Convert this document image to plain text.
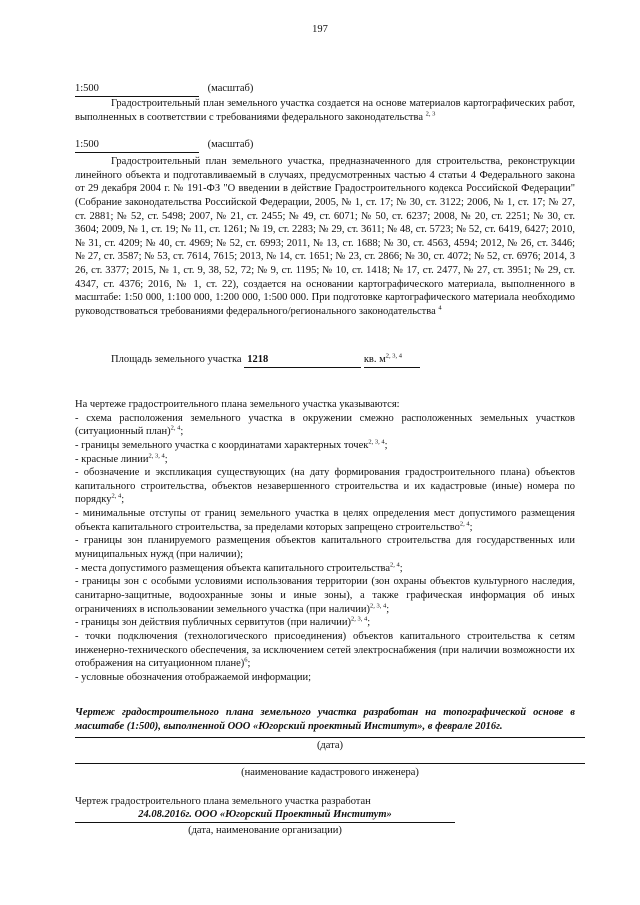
197
1:500	(масштаб)
Градостроительный план земельного участка создается на основе материалов картографических работ, выполненных в соответствии с требованиями федерального законодательства $^{2, 3}$
1:500	(масштаб)
Градостроительный план земельного участка, предназначенного для строительства, реконструкции линейного объекта и подготавливаемый в случаях, предусмотренных частью 4 статьи 4 Федерального закона от 29 декабря 2004 г. № 191-ФЗ "О введении в действие Градостроительного кодекса Российской Федерации" (Собрание законодательства Российской Федерации, 2005, № 1, ст. 17; № 30, ст. 3122; 2006, № 1, ст. 17; № 27, ст. 2881; № 52, ст. 5498; 2007, № 21, ст. 2455; № 49, ст. 6071; № 50, ст. 6237; 2008, № 20, ст. 2251; № 30, ст. 3604; 2009, № 1, ст. 19; № 11, ст. 1261; № 19, ст. 2283; № 29, ст. 3611; № 48, ст. 5723; № 52, ст. 6419, 6427; 2010, № 31, ст. 4209; № 40, ст. 4969; № 52, ст. 6993; 2011, № 13, ст. 1688; № 30, ст. 4563, 4594; 2012, № 26, ст. 3446; № 27, ст. 3587; № 53, ст. 7614, 7615; 2013, № 14, ст. 1651; № 23, ст. 2866; № 30, ст. 4072; № 52, ст. 6976; 2014, 3 26, ст. 3377; 2015, № 1, ст. 9, 38, 52, 72; № 9, ст. 1195; № 10, ст. 1418; № 17, ст. 2477, № 27, ст. 3951; № 29, ст. 4347, ст. 4376; 2016, № 1, ст. 22), создается на основании картографического материала, выполненного в масштабе: 1:50 000, 1:100 000, 1:200 000, 1:500 000. При подготовке картографического материала необходимо руководствоваться требованиями федерального/регионального законодательства $^4$
Площадь земельного участка 1218	кв. $м^{2, 3, 4}$
На чертеже градостроительного плана земельного участка указываются:
- схема расположения земельного участка в окружении смежно расположенных земельных участков (ситуационный план)$^{2, 4}$;
- границы земельного участка с координатами характерных точек$^{2, 3, 4}$;
- красные линии$^{2, 3, 4}$;
- обозначение и экспликация существующих (на дату формирования градостроительного плана) объектов капитального строительства, объектов незавершенного строительства и их кадастровые (иные) номера по порядку$^{2, 4}$;
- минимальные отступы от границ земельного участка в целях определения мест допустимого размещения объекта капитального строительства, за пределами которых запрещено строительство$^{2, 4}$;
- границы зон планируемого размещения объектов капитального строительства для государственных или муниципальных нужд (при наличии);
- места допустимого размещения объекта капитального строительства$^{2, 4}$;
- границы зон с особыми условиями использования территории (зон охраны объектов культурного наследия, санитарно-защитные, водоохранные зоны и иные зоны), а также графическая информация об иных ограничениях в использовании земельного участка (при наличии)$^{2, 3, 4}$;
- границы зон действия публичных сервитутов (при наличии)$^{2, 3, 4}$;
- точки подключения (технологического присоединения) объектов капитального строительства к сетям инженерно-технического обеспечения, за исключением сетей электроснабжения (при наличии возможности их отображения на ситуационном плане)$^6$;
- условные обозначения отображаемой информации;
Чертеж градостроительного плана земельного участка разработан на топографической основе в масштабе (1:500), выполненной ООО «Югорский проектный Институт», в феврале 2016г.
(дата)
(наименование кадастрового инженера)
Чертеж градостроительного плана земельного участка разработан
24.08.2016г. ООО «Югорский Проектный Институт»
(дата, наименование организации)
